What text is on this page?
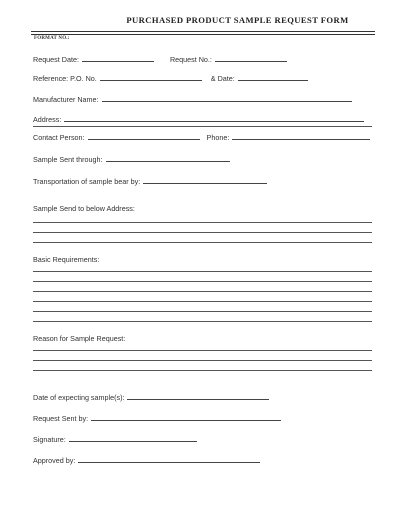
PURCHASED PRODUCT SAMPLE REQUEST FORM
FORMAT NO.:
Request Date:	Request No.:
Reference: P.O. No.	& Date:
Manufacturer Name:
Address:
Contact Person:	Phone:
Sample Sent through:
Transportation of sample bear by:
Sample Send to below Address:
Basic Requirements:
Reason for Sample Request:
Date of expecting sample(s):
Request Sent by:
Signature:
Approved by:
